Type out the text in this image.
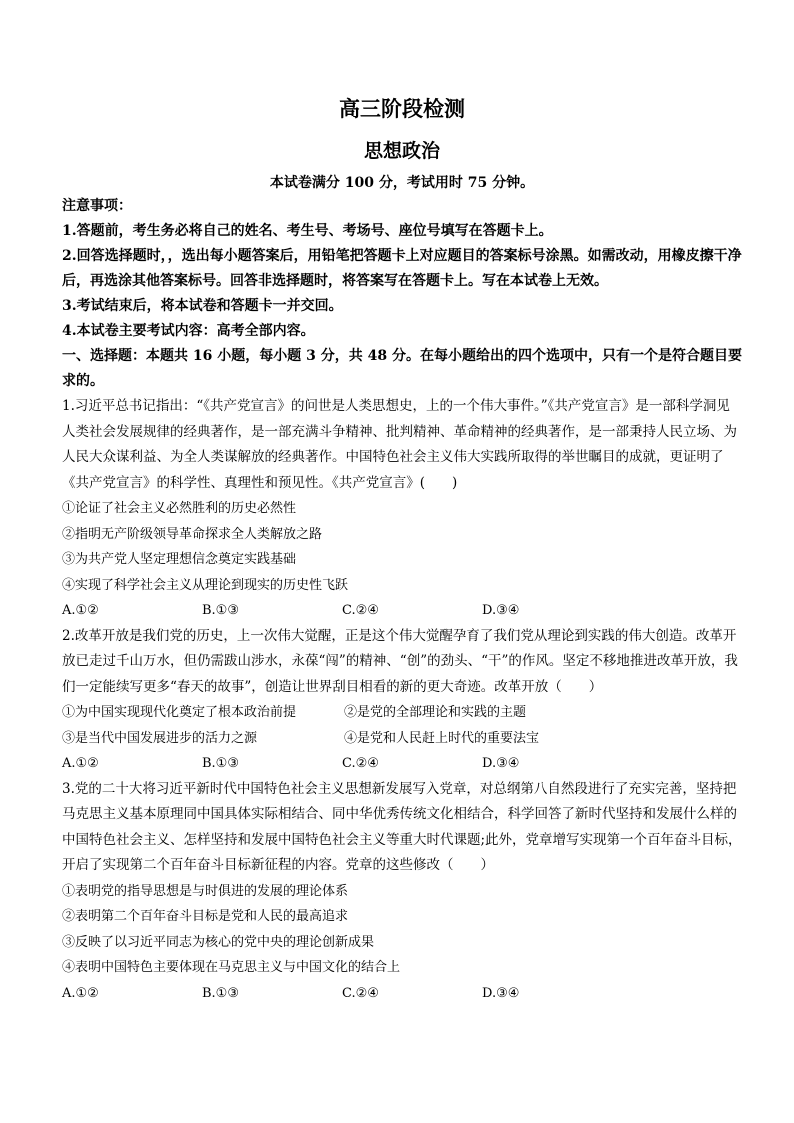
高三阶段检测
思想政治
本试卷满分 100 分，考试用时 75 分钟。

注意事项：

1.答题前，考生务必将自己的姓名、考生号、考场号、座位号填写在答题卡上。

2.回答选择题时，，选出每小题答案后，用铅笔把答题卡上对应题目的答案标号涂黑。如需改动，用橡皮擦干净后，再选涂其他答案标号。回答非选择题时，将答案写在答题卡上。写在本试卷上无效。

3.考试结束后，将本试卷和答题卡一并交回。

4.本试卷主要考试内容：高考全部内容。

一、选择题：本题共 16 小题，每小题 3 分，共 48 分。在每小题给出的四个选项中，只有一个是符合题目要求的。

1.习近平总书记指出：“《共产党宣言》的问世是人类思想史，上的一个伟大事件。”《共产党宣言》是一部科学洞见人类社会发展规律的经典著作，是一部充满斗争精神、批判精神、革命精神的经典著作，是一部秉持人民立场、为人民大众谋利益、为全人类谋解放的经典著作。中国特色社会主义伟大实践所取得的举世瞩目的成就，更证明了《共产党宣言》的科学性、真理性和预见性。《共产党宣言》(　　)

①论证了社会主义必然胜利的历史必然性

②指明无产阶级领导革命探求全人类解放之路

③为共产党人坚定理想信念奠定实践基础

④实现了科学社会主义从理论到现实的历史性飞跃

A.①②	B.①③	C.②④	D.③④

2.改革开放是我们党的历史，上一次伟大觉醒，正是这个伟大觉醒孕育了我们党从理论到实践的伟大创造。改革开放已走过千山万水，但仍需跋山涉水，永葆“闯”的精神、“创”的劲头、“干”的作风。坚定不移地推进改革开放，我们一定能续写更多“春天的故事”，创造让世界刮目相看的新的更大奇迹。改革开放（　　）

①为中国实现现代化奠定了根本政治前提	②是党的全部理论和实践的主题
③是当代中国发展进步的活力之源	④是党和人民赶上时代的重要法宝
A.①②	B.①③	C.②④	D.③④

3.党的二十大将习近平新时代中国特色社会主义思想新发展写入党章，对总纲第八自然段进行了充实完善，坚持把马克思主义基本原理同中国具体实际相结合、同中华优秀传统文化相结合，科学回答了新时代坚持和发展什么样的中国特色社会主义、怎样坚持和发展中国特色社会主义等重大时代课题;此外，党章增写实现第一个百年奋斗目标，开启了实现第二个百年奋斗目标新征程的内容。党章的这些修改（　　）

①表明党的指导思想是与时俱进的发展的理论体系

②表明第二个百年奋斗目标是党和人民的最高追求

③反映了以习近平同志为核心的党中央的理论创新成果

④表明中国特色主要体现在马克思主义与中国文化的结合上

A.①②	B.①③	C.②④	D.③④
